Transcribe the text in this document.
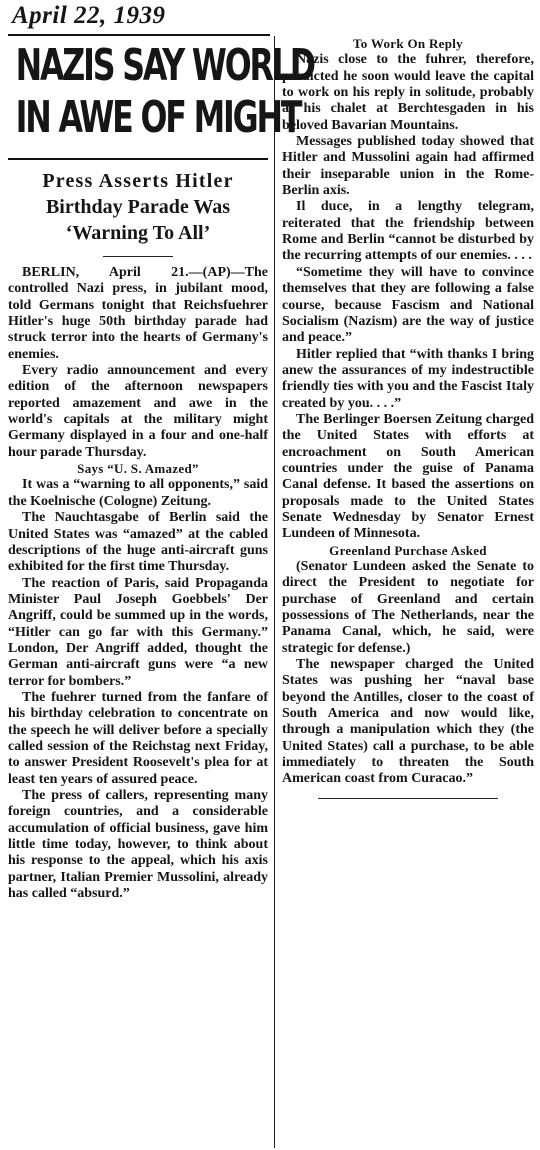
April 22, 1939
NAZIS SAY WORLD
IN AWE OF MIGHT
Press Asserts Hitler
Birthday Parade Was
‘Warning To All’

BERLIN, April 21.—(AP)—The controlled Nazi press, in jubilant mood, told Germans tonight that Reichsfuehrer Hitler's huge 50th birthday parade had struck terror into the hearts of Germany's enemies.

Every radio announcement and every edition of the afternoon newspapers reported amazement and awe in the world's capitals at the military might Germany displayed in a four and one-half hour parade Thursday.

Says “U. S. Amazed”

It was a “warning to all opponents,” said the Koelnische (Cologne) Zeitung.

The Nauchtasgabe of Berlin said the United States was “amazed” at the cabled descriptions of the huge anti-aircraft guns exhibited for the first time Thursday.

The reaction of Paris, said Propaganda Minister Paul Joseph Goebbels' Der Angriff, could be summed up in the words, “Hitler can go far with this Germany.” London, Der Angriff added, thought the German anti-aircraft guns were “a new terror for bombers.”

The fuehrer turned from the fanfare of his birthday celebration to concentrate on the speech he will deliver before a specially called session of the Reichstag next Friday, to answer President Roosevelt's plea for at least ten years of assured peace.

The press of callers, representing many foreign countries, and a considerable accumulation of official business, gave him little time today, however, to think about his response to the appeal, which his axis partner, Italian Premier Mussolini, already has called “absurd.”

To Work On Reply

Nazis close to the fuhrer, therefore, predicted he soon would leave the capital to work on his reply in solitude, probably at his chalet at Berchtesgaden in his beloved Bavarian Mountains.

Messages published today showed that Hitler and Mussolini again had affirmed their inseparable union in the Rome-Berlin axis.

Il duce, in a lengthy telegram, reiterated that the friendship between Rome and Berlin “cannot be disturbed by the recurring attempts of our enemies. . . .

“Sometime they will have to convince themselves that they are following a false course, because Fascism and National Socialism (Nazism) are the way of justice and peace.”

Hitler replied that “with thanks I bring anew the assurances of my indestructible friendly ties with you and the Fascist Italy created by you. . . .”

The Berlinger Boersen Zeitung charged the United States with efforts at encroachment on South American countries under the guise of Panama Canal defense. It based the assertions on proposals made to the United States Senate Wednesday by Senator Ernest Lundeen of Minnesota.

Greenland Purchase Asked

(Senator Lundeen asked the Senate to direct the President to negotiate for purchase of Greenland and certain possessions of The Netherlands, near the Panama Canal, which, he said, were strategic for defense.)

The newspaper charged the United States was pushing her “naval base beyond the Antilles, closer to the coast of South America and now would like, through a manipulation which they (the United States) call a purchase, to be able immediately to threaten the South American coast from Curacao.”
